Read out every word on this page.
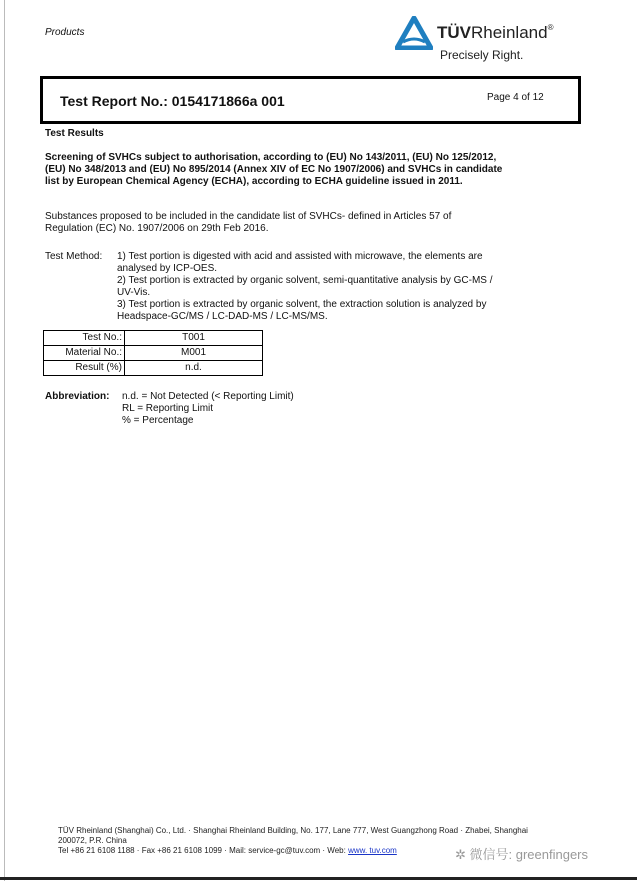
Products	TÜVRheinland®
Precisely Right.
Test Report No.: 0154171866a 001	Page 4 of 12
Test Results
Screening of SVHCs subject to authorisation, according to (EU) No 143/2011, (EU) No 125/2012, (EU) No 348/2013 and (EU) No 895/2014 (Annex XIV of EC No 1907/2006) and SVHCs in candidate list by European Chemical Agency (ECHA), according to ECHA guideline issued in 2011.
Substances proposed to be included in the candidate list of SVHCs- defined in Articles 57 of Regulation (EC) No. 1907/2006 on 29th Feb 2016.
Test Method: 1) Test portion is digested with acid and assisted with microwave, the elements are analysed by ICP-OES.
2) Test portion is extracted by organic solvent, semi-quantitative analysis by GC-MS / UV-Vis.
3) Test portion is extracted by organic solvent, the extraction solution is analyzed by Headspace-GC/MS / LC-DAD-MS / LC-MS/MS.
Test No.:	T001
Material No.:	M001
Result (%)	n.d.
Abbreviation: n.d. = Not Detected (< Reporting Limit)
RL = Reporting Limit
% = Percentage
TÜV Rheinland (Shanghai) Co., Ltd. · Shanghai Rheinland Building, No. 177, Lane 777, West Guangzhong Road · Zhabei, Shanghai
200072, P.R. China
Tel +86 21 6108 1188 · Fax +86 21 6108 1099 · Mail: service-gc@tuv.com · Web: www. tuv.com	✲ 微信号: greenfingers
